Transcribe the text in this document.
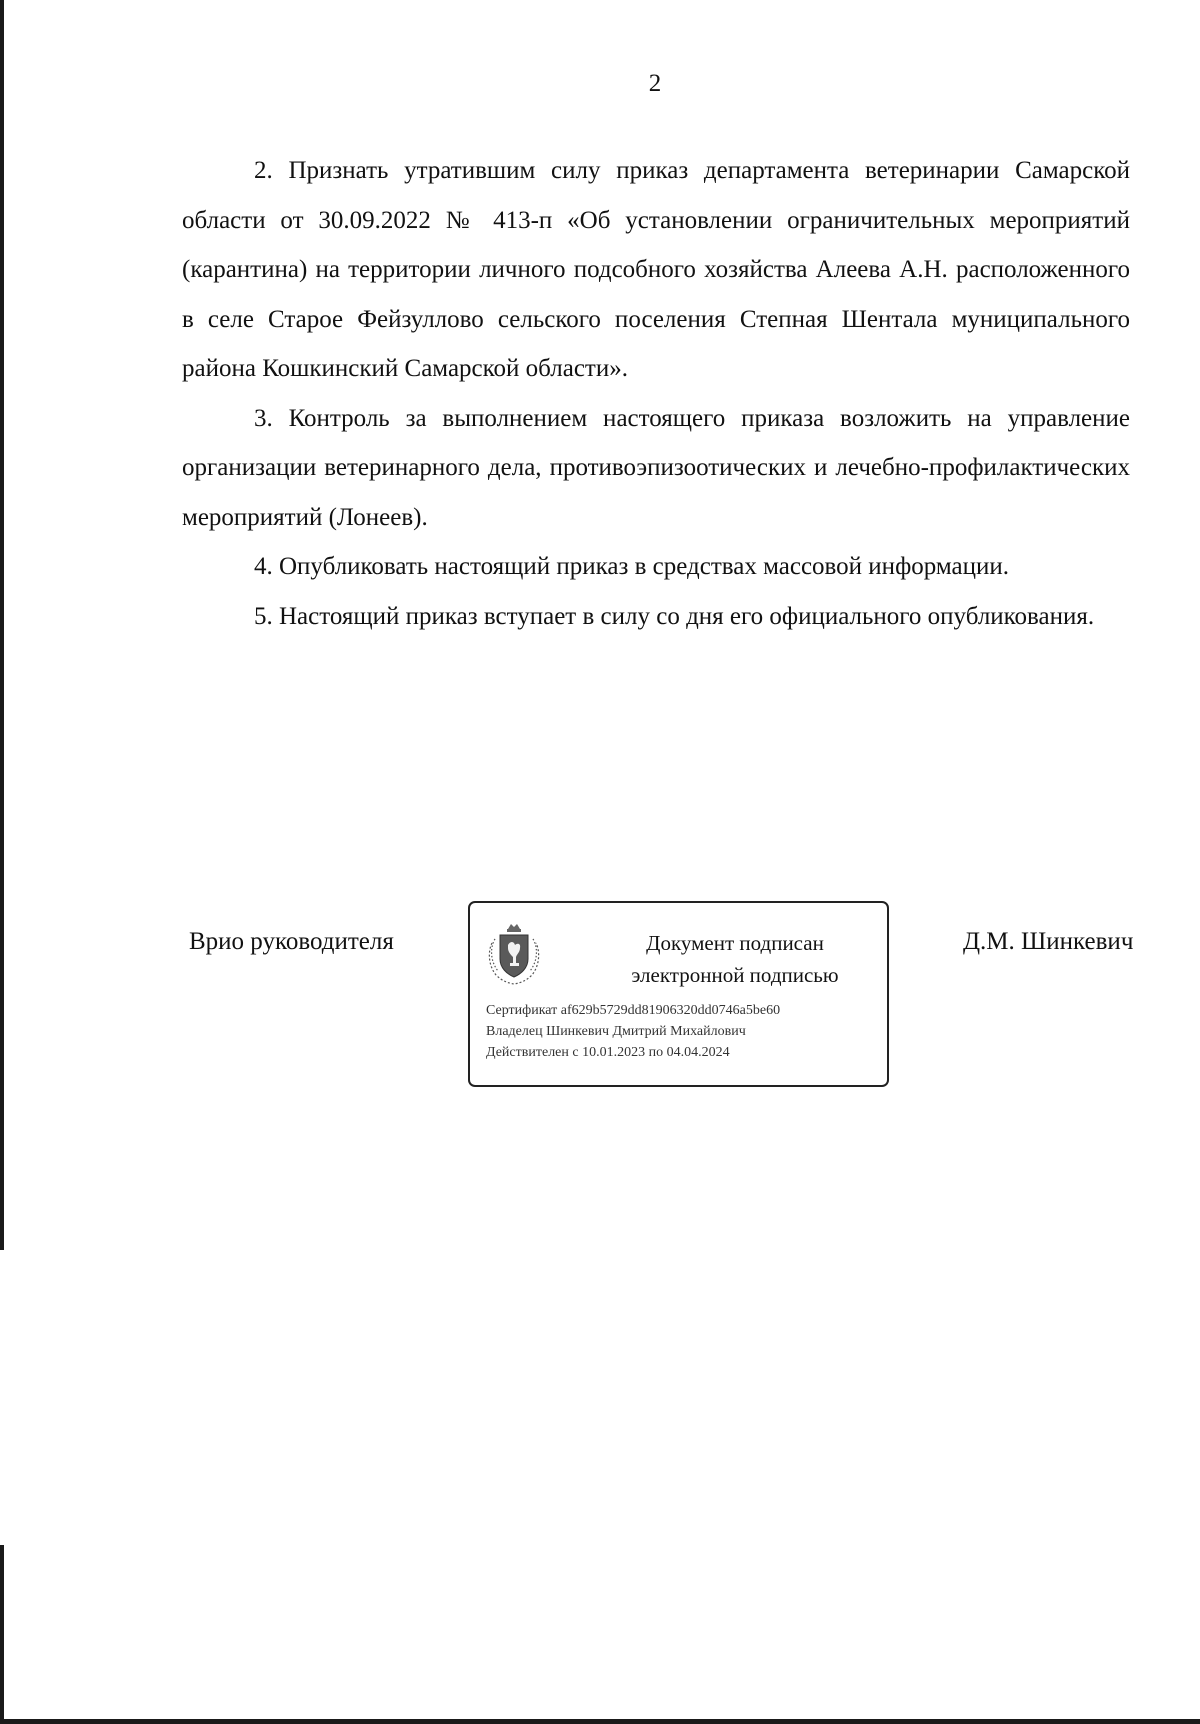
2

2. Признать утратившим силу приказ департамента ветеринарии Самарской области от 30.09.2022 № 413-п «Об установлении ограничительных мероприятий (карантина) на территории личного подсобного хозяйства Алеева А.Н. расположенного в селе Старое Фейзуллово сельского поселения Степная Шентала муниципального района Кошкинский Самарской области».

3. Контроль за выполнением настоящего приказа возложить на управление организации ветеринарного дела, противоэпизоотических и лечебно-профилактических мероприятий (Лонеев).

4. Опубликовать настоящий приказ в средствах массовой информации.

5. Настоящий приказ вступает в силу со дня его официального опубликования.

Врио руководителя	Документ подписан
электронной подписью
Сертификат af629b5729dd81906320dd0746a5be60
Владелец Шинкевич Дмитрий Михайлович
Действителен с 10.01.2023 по 04.04.2024
Д.М. Шинкевич
